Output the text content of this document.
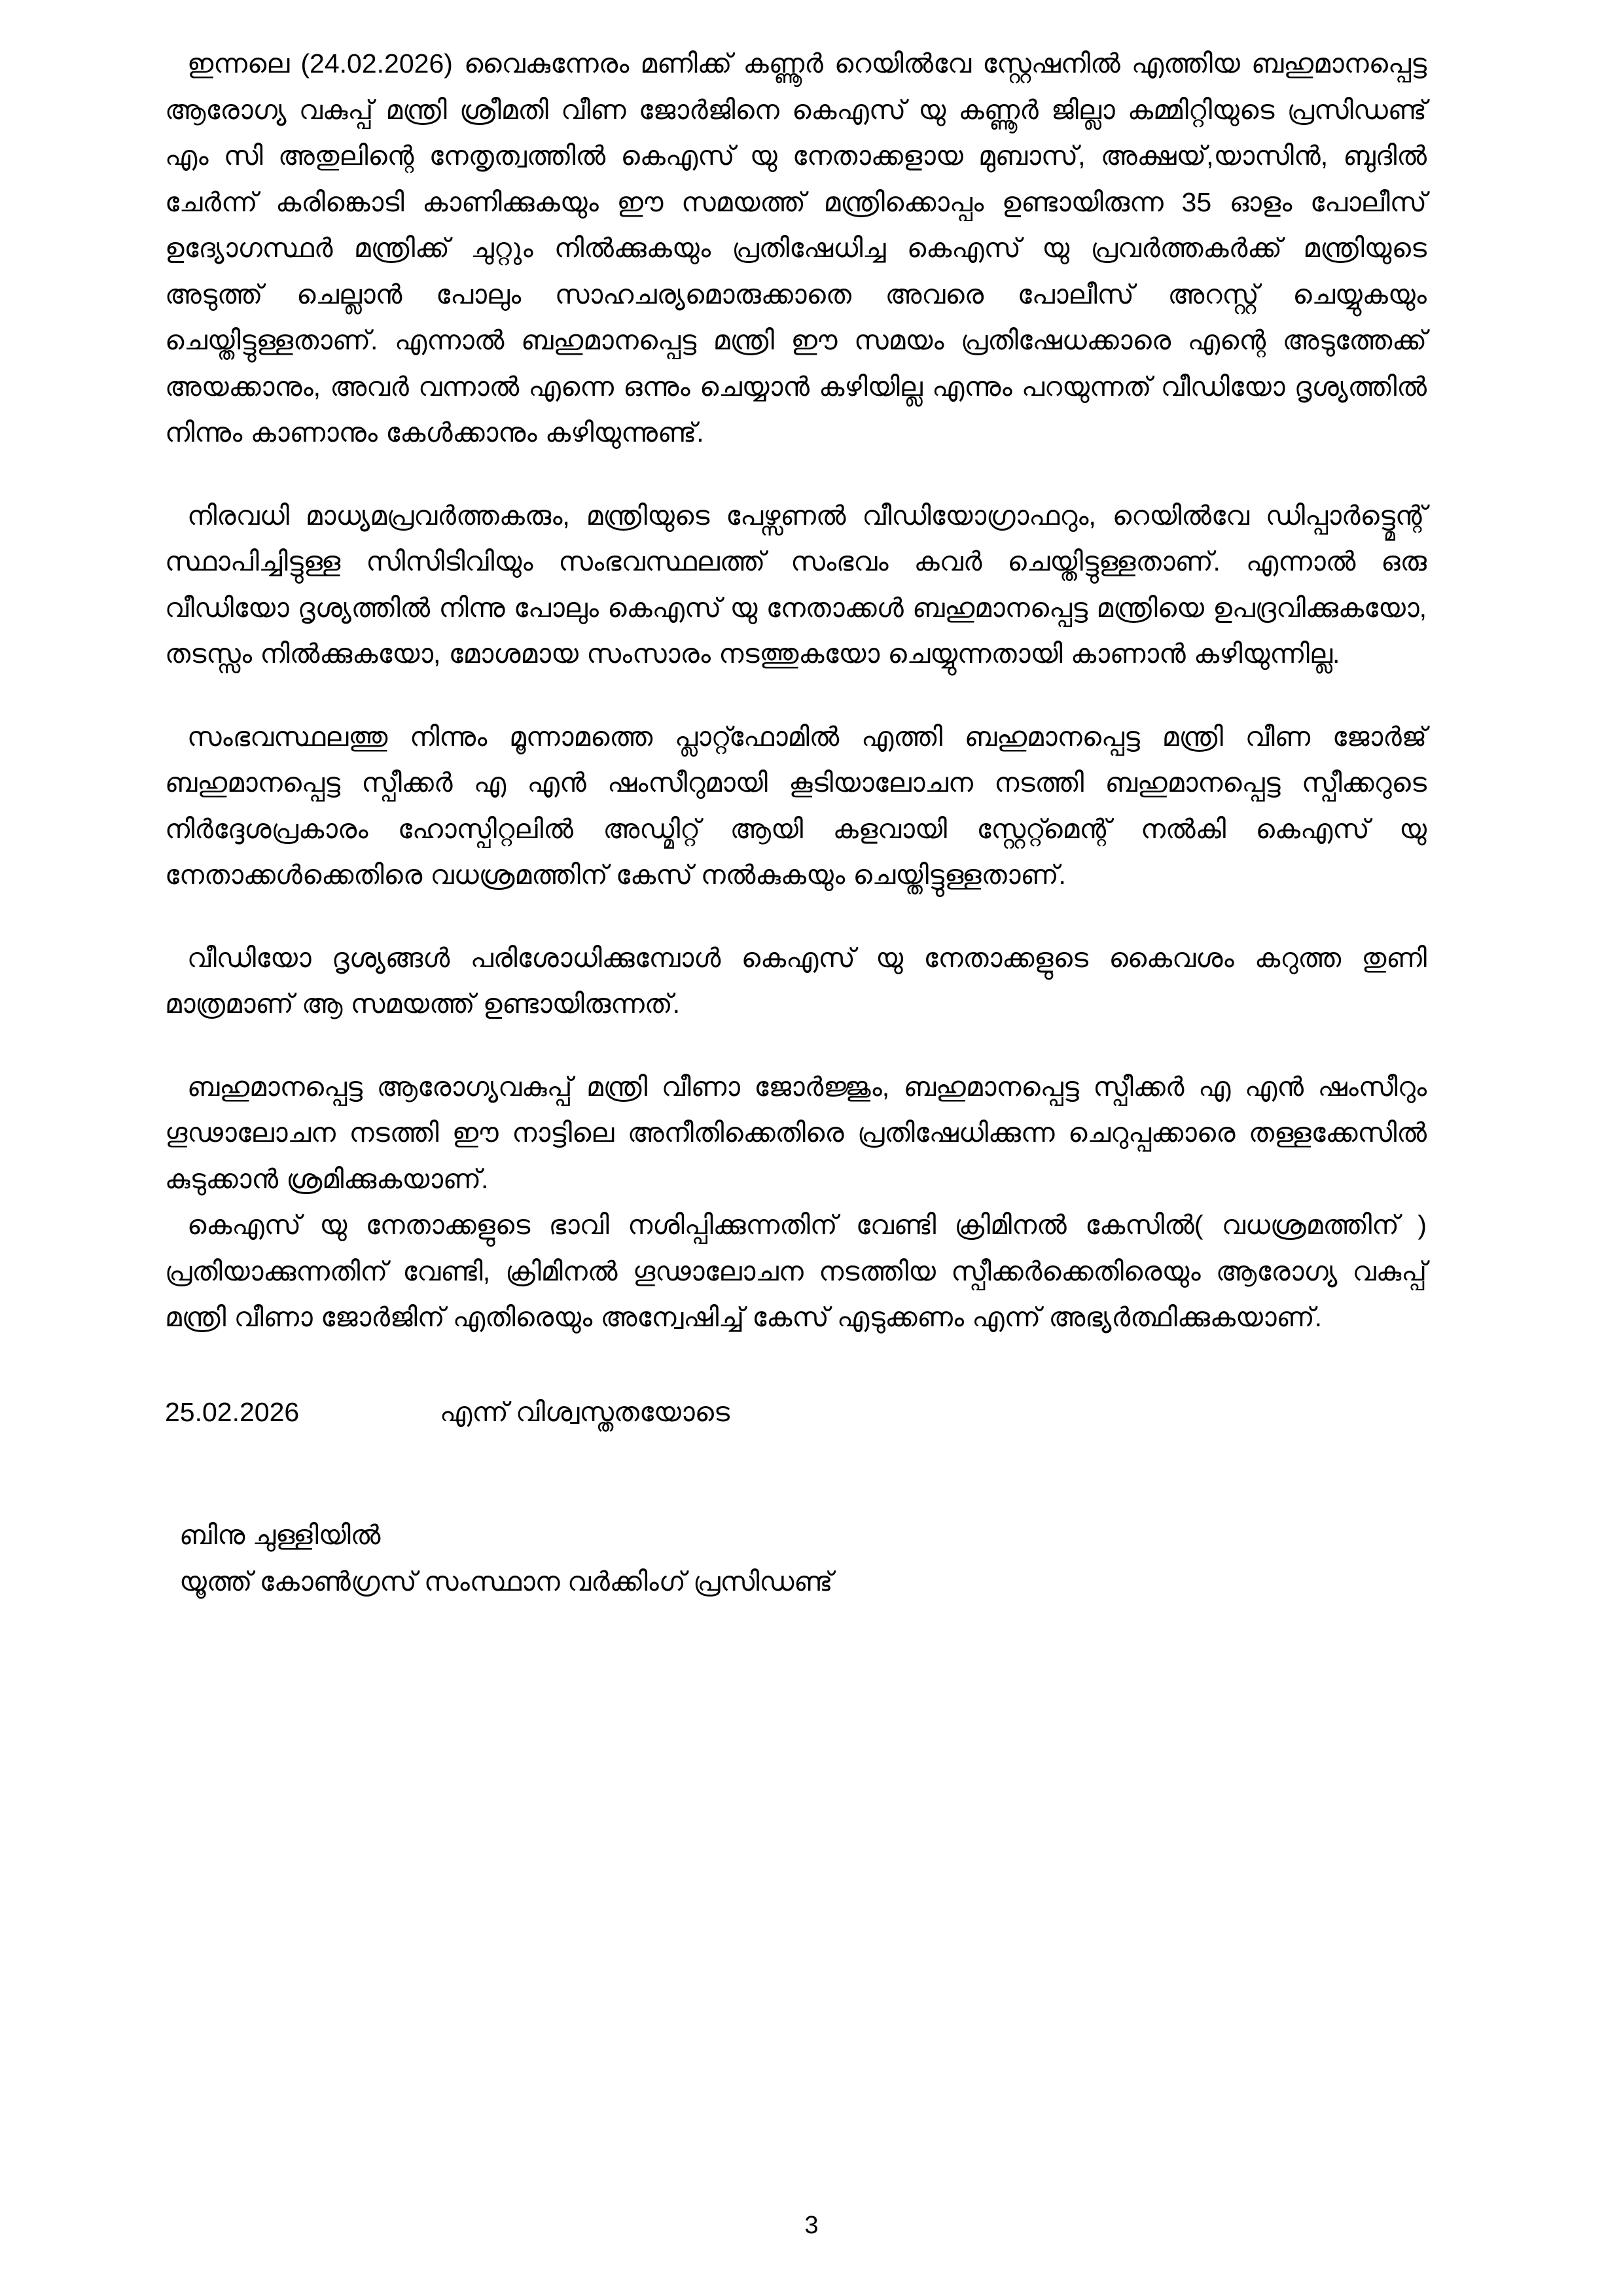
ഇന്നലെ (24.02.2026) വൈകുന്നേരം മണിക്ക് കണ്ണൂർ റെയിൽവേ സ്റ്റേഷനിൽ എത്തിയ ബഹുമാനപ്പെട്ട ആരോഗ്യ വകുപ്പ് മന്ത്രി ശ്രീമതി വീണ ജോർജിനെ കെഎസ് യു കണ്ണൂർ ജില്ലാ കമ്മിറ്റിയുടെ പ്രസിഡണ്ട് എം സി അതുലിന്റെ നേതൃത്വത്തിൽ കെഎസ് യു നേതാക്കളായ മുബാസ്, അക്ഷയ്,യാസിൻ, ബുദിൽ ചേർന്ന് കരിങ്കൊടി കാണിക്കുകയും ഈ സമയത്ത് മന്ത്രിക്കൊപ്പം ഉണ്ടായിരുന്ന 35 ഓളം പോലീസ് ഉദ്യോഗസ്ഥർ മന്ത്രിക്ക് ചുറ്റും നിൽക്കുകയും പ്രതിഷേധിച്ച കെഎസ് യു പ്രവർത്തകർക്ക് മന്ത്രിയുടെ അടുത്ത് ചെല്ലാൻ പോലും സാഹചര്യമൊരുക്കാതെ അവരെ പോലീസ് അറസ്റ്റ് ചെയ്യുകയും ചെയ്തിട്ടുള്ളതാണ്. എന്നാൽ ബഹുമാനപ്പെട്ട മന്ത്രി ഈ സമയം പ്രതിഷേധക്കാരെ എന്റെ അടുത്തേക്ക് അയക്കാനും, അവർ വന്നാൽ എന്നെ ഒന്നും ചെയ്യാൻ കഴിയില്ല എന്നും പറയുന്നത് വീഡിയോ ദൃശ്യത്തിൽ നിന്നും കാണാനും കേൾക്കാനും കഴിയുന്നുണ്ട്.

നിരവധി മാധ്യമപ്രവർത്തകരും, മന്ത്രിയുടെ പേഴ്സണൽ വീഡിയോഗ്രാഫറും, റെയിൽവേ ഡിപ്പാർട്ട്മെന്റ് സ്ഥാപിച്ചിട്ടുള്ള സിസിടിവിയും സംഭവസ്ഥലത്ത് സംഭവം കവർ ചെയ്തിട്ടുള്ളതാണ്. എന്നാൽ ഒരു വീഡിയോ ദൃശ്യത്തിൽ നിന്നു പോലും കെഎസ് യു നേതാക്കൾ ബഹുമാനപ്പെട്ട മന്ത്രിയെ ഉപദ്രവിക്കുകയോ, തടസ്സം നിൽക്കുകയോ, മോശമായ സംസാരം നടത്തുകയോ ചെയ്യുന്നതായി കാണാൻ കഴിയുന്നില്ല.

സംഭവസ്ഥലത്തു നിന്നും മൂന്നാമത്തെ പ്ലാറ്റ്ഫോമിൽ എത്തി ബഹുമാനപ്പെട്ട മന്ത്രി വീണ ജോർജ് ബഹുമാനപ്പെട്ട സ്പീക്കർ എ എൻ ഷംസീറുമായി കൂടിയാലോചന നടത്തി ബഹുമാനപ്പെട്ട സ്പീക്കറുടെ നിർദ്ദേശപ്രകാരം ഹോസ്പിറ്റലിൽ അഡ്മിറ്റ് ആയി കളവായി സ്റ്റേറ്റ്മെന്റ് നൽകി കെഎസ് യു നേതാക്കൾക്കെതിരെ വധശ്രമത്തിന് കേസ് നൽകുകയും ചെയ്തിട്ടുള്ളതാണ്.

വീഡിയോ ദൃശ്യങ്ങൾ പരിശോധിക്കുമ്പോൾ കെഎസ് യു നേതാക്കളുടെ കൈവശം കറുത്ത തുണി മാത്രമാണ് ആ സമയത്ത് ഉണ്ടായിരുന്നത്.

ബഹുമാനപ്പെട്ട ആരോഗ്യവകുപ്പ് മന്ത്രി വീണാ ജോർജ്ജും, ബഹുമാനപ്പെട്ട സ്പീക്കർ എ എൻ ഷംസീറും ഗൂഢാലോചന നടത്തി ഈ നാട്ടിലെ അനീതിക്കെതിരെ പ്രതിഷേധിക്കുന്ന ചെറുപ്പക്കാരെ തള്ളക്കേസിൽ കുടുക്കാൻ ശ്രമിക്കുകയാണ്.

കെഎസ് യു നേതാക്കളുടെ ഭാവി നശിപ്പിക്കുന്നതിന് വേണ്ടി ക്രിമിനൽ കേസിൽ( വധശ്രമത്തിന് ) പ്രതിയാക്കുന്നതിന് വേണ്ടി, ക്രിമിനൽ ഗൂഢാലോചന നടത്തിയ സ്പീക്കർക്കെതിരെയും ആരോഗ്യ വകുപ്പ് മന്ത്രി വീണാ ജോർജിന് എതിരെയും അന്വേഷിച്ച് കേസ് എടുക്കണം എന്ന് അഭ്യർത്ഥിക്കുകയാണ്.

25.02.2026	എന്ന് വിശ്വസ്തതയോടെ

ബിനു ചുള്ളിയിൽ

യൂത്ത് കോൺഗ്രസ് സംസ്ഥാന വർക്കിംഗ് പ്രസിഡണ്ട്

3
